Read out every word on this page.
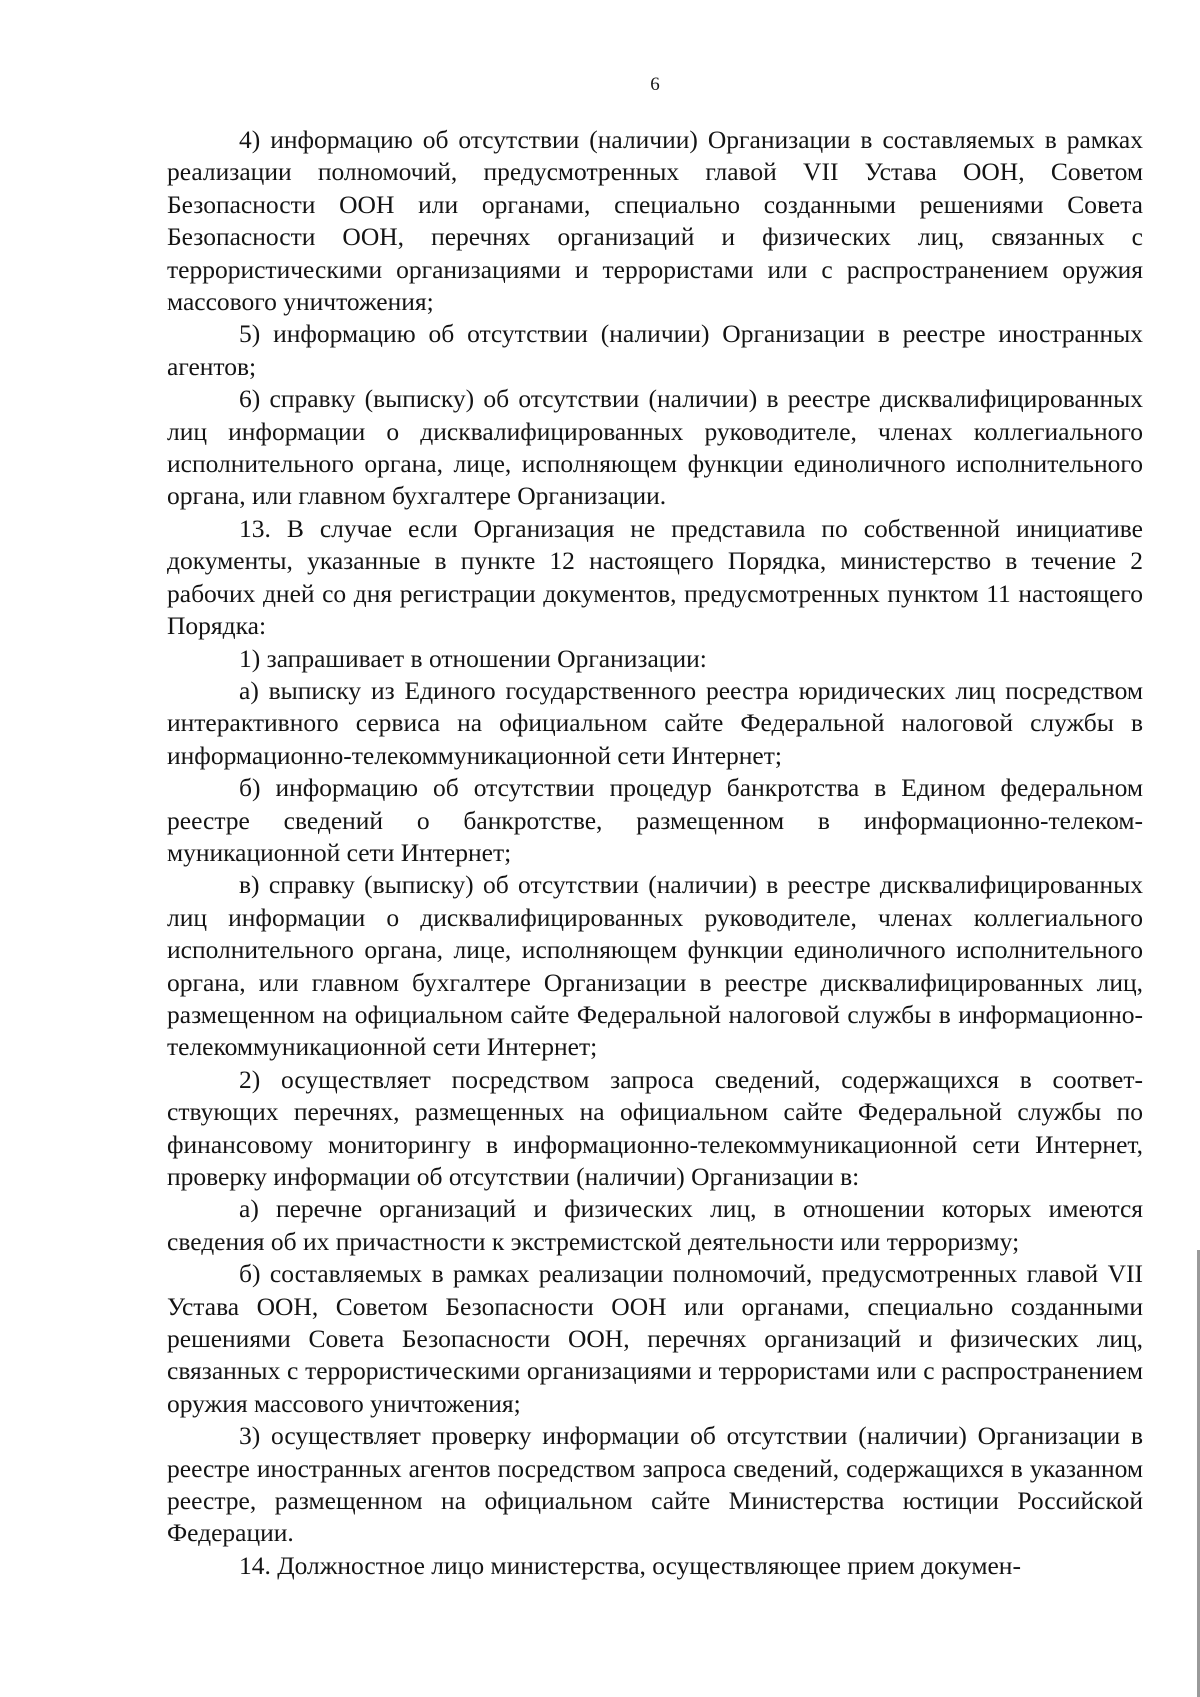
6

4) информацию об отсутствии (наличии) Организации в составляемых в рамках реализации полномочий, предусмотренных главой VII Устава ООН, Советом Безопасности ООН или органами, специально созданными решениями Совета Безопасности ООН, перечнях организаций и физических лиц, связанных с террористическими организациями и террористами или с распространением оружия массового уничтожения;

5) информацию об отсутствии (наличии) Организации в реестре иностранных агентов;

6) справку (выписку) об отсутствии (наличии) в реестре дисквалифицированных лиц информации о дисквалифицированных руководителе, членах коллегиального исполнительного органа, лице, исполняющем функции единоличного исполнительного органа, или главном бухгалтере Организации.

13. В случае если Организация не представила по собственной инициативе документы, указанные в пункте 12 настоящего Порядка, министерство в течение 2 рабочих дней со дня регистрации документов, предусмотренных пунктом 11 настоящего Порядка:

1) запрашивает в отношении Организации:

а) выписку из Единого государственного реестра юридических лиц посредством интерактивного сервиса на официальном сайте Федеральной налоговой службы в информационно-телекоммуникационной сети Интернет;

б) информацию об отсутствии процедур банкротства в Едином федеральном реестре сведений о банкротстве, размещенном в информационно-телекоммуникационной сети Интернет;

в) справку (выписку) об отсутствии (наличии) в реестре дисквалифицированных лиц информации о дисквалифицированных руководителе, членах коллегиального исполнительного органа, лице, исполняющем функции единоличного исполнительного органа, или главном бухгалтере Организации в реестре дисквалифицированных лиц, размещенном на официальном сайте Федеральной налоговой службы в информационно-телекоммуникационной сети Интернет;

2) осуществляет посредством запроса сведений, содержащихся в соответствующих перечнях, размещенных на официальном сайте Федеральной службы по финансовому мониторингу в информационно-телекоммуникационной сети Интернет, проверку информации об отсутствии (наличии) Организации в:

а) перечне организаций и физических лиц, в отношении которых имеются сведения об их причастности к экстремистской деятельности или терроризму;

б) составляемых в рамках реализации полномочий, предусмотренных главой VII Устава ООН, Советом Безопасности ООН или органами, специально созданными решениями Совета Безопасности ООН, перечнях организаций и физических лиц, связанных с террористическими организациями и террористами или с распространением оружия массового уничтожения;

3) осуществляет проверку информации об отсутствии (наличии) Организации в реестре иностранных агентов посредством запроса сведений, содержащихся в указанном реестре, размещенном на официальном сайте Министерства юстиции Российской Федерации.

14. Должностное лицо министерства, осуществляющее прием докумен-
